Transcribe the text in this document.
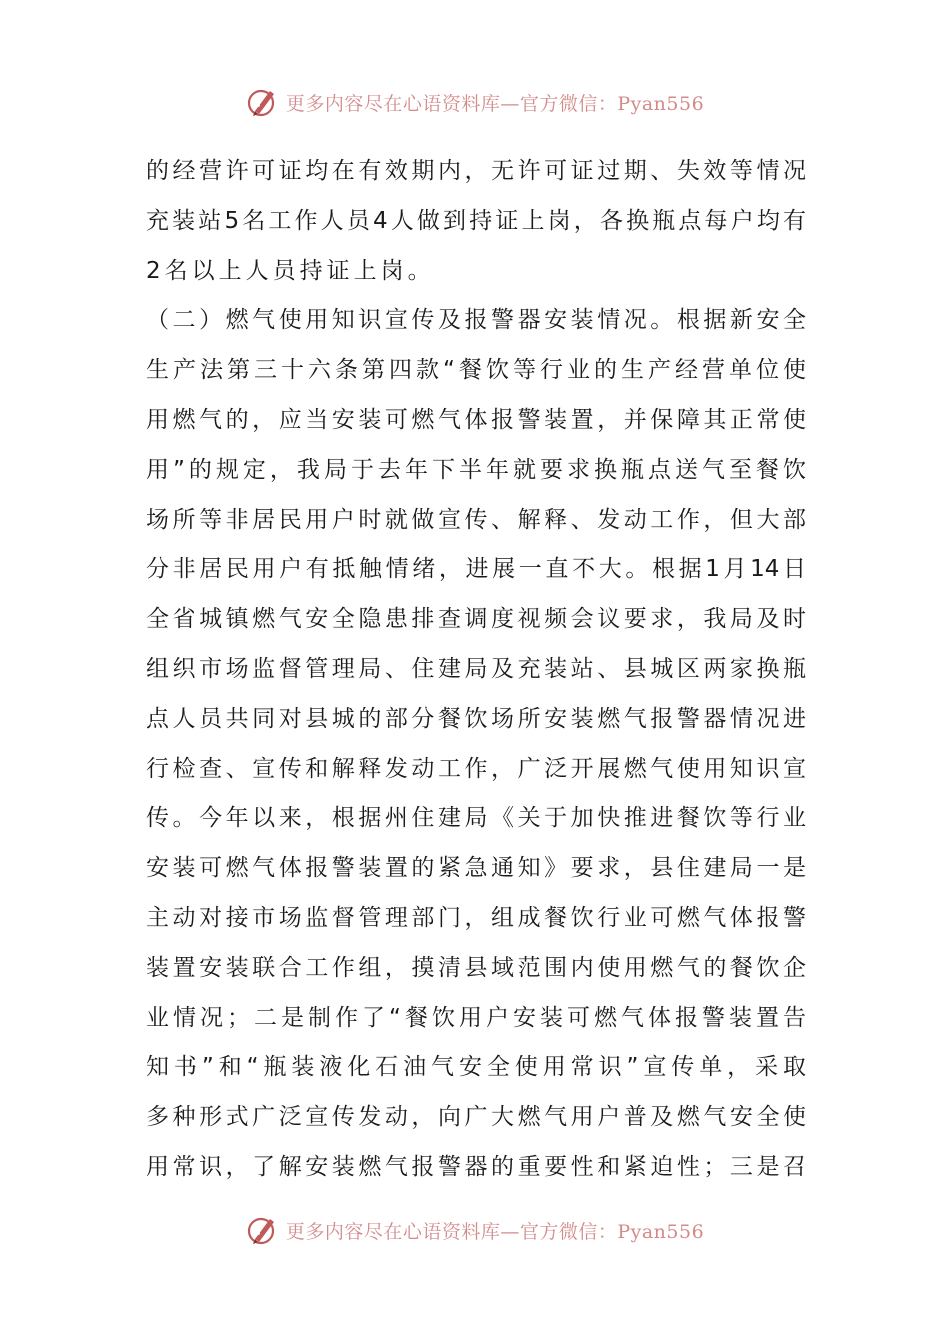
更多内容尽在心语资料库—官方微信：Pyan556
的经营许可证均在有效期内，无许可证过期、失效等情况
充装站5名工作人员4人做到持证上岗，各换瓶点每户均有
2名以上人员持证上岗。
（二）燃气使用知识宣传及报警器安装情况。根据新安全
生产法第三十六条第四款“餐饮等行业的生产经营单位使
用燃气的，应当安装可燃气体报警装置，并保障其正常使
用”的规定，我局于去年下半年就要求换瓶点送气至餐饮
场所等非居民用户时就做宣传、解释、发动工作，但大部
分非居民用户有抵触情绪，进展一直不大。根据1月14日
全省城镇燃气安全隐患排查调度视频会议要求，我局及时
组织市场监督管理局、住建局及充装站、县城区两家换瓶
点人员共同对县城的部分餐饮场所安装燃气报警器情况进
行检查、宣传和解释发动工作，广泛开展燃气使用知识宣
传。今年以来，根据州住建局《关于加快推进餐饮等行业
安装可燃气体报警装置的紧急通知》要求，县住建局一是
主动对接市场监督管理部门，组成餐饮行业可燃气体报警
装置安装联合工作组，摸清县域范围内使用燃气的餐饮企
业情况；二是制作了“餐饮用户安装可燃气体报警装置告
知书”和“瓶装液化石油气安全使用常识”宣传单，采取
多种形式广泛宣传发动，向广大燃气用户普及燃气安全使
用常识，了解安装燃气报警器的重要性和紧迫性；三是召
更多内容尽在心语资料库—官方微信：Pyan556
